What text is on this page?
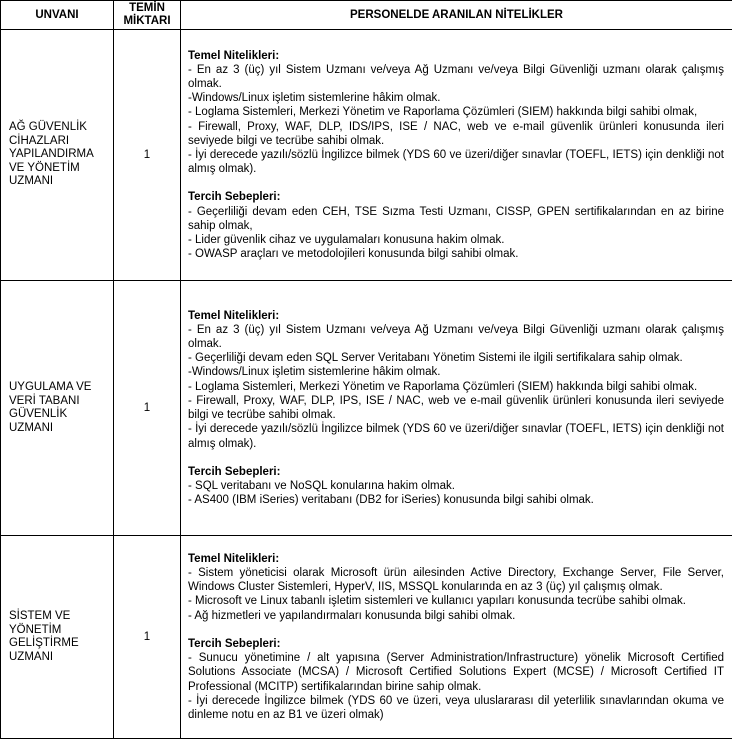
UNVANI	TEMİN MİKTARI	PERSONELDE ARANILAN NİTELİKLER
AĞ GÜVENLİK CİHAZLARI YAPILANDIRMA VE YÖNETİM UZMANI	1	
Temel Nitelikleri:
- En az 3 (üç) yıl Sistem Uzmanı ve/veya Ağ Uzmanı ve/veya Bilgi Güvenliği uzmanı olarak çalışmış olmak.
-Windows/Linux işletim sistemlerine hâkim olmak.
- Loglama Sistemleri, Merkezi Yönetim ve Raporlama Çözümleri (SIEM) hakkında bilgi sahibi olmak,
- Firewall, Proxy, WAF, DLP, IDS/IPS, ISE / NAC, web ve e-mail güvenlik ürünleri konusunda ileri seviyede bilgi ve tecrübe sahibi olmak.
- İyi derecede yazılı/sözlü İngilizce bilmek (YDS 60 ve üzeri/diğer sınavlar (TOEFL, IETS) için denkliği not almış olmak).
Tercih Sebepleri:
- Geçerliliği devam eden CEH, TSE Sızma Testi Uzmanı, CISSP, GPEN sertifikalarından en az birine sahip olmak,
- Lider güvenlik cihaz ve uygulamaları konusuna hakim olmak.
- OWASP araçları ve metodolojileri konusunda bilgi sahibi olmak.

UYGULAMA VE VERİ TABANI GÜVENLİK UZMANI	1	
Temel Nitelikleri:
- En az 3 (üç) yıl Sistem Uzmanı ve/veya Ağ Uzmanı ve/veya Bilgi Güvenliği uzmanı olarak çalışmış olmak.
- Geçerliliği devam eden SQL Server Veritabanı Yönetim Sistemi ile ilgili sertifikalara sahip olmak.
-Windows/Linux işletim sistemlerine hâkim olmak.
- Loglama Sistemleri, Merkezi Yönetim ve Raporlama Çözümleri (SIEM) hakkında bilgi sahibi olmak.
- Firewall, Proxy, WAF, DLP, IPS, ISE / NAC, web ve e-mail güvenlik ürünleri konusunda ileri seviyede bilgi ve tecrübe sahibi olmak.
- İyi derecede yazılı/sözlü İngilizce bilmek (YDS 60 ve üzeri/diğer sınavlar (TOEFL, IETS) için denkliği not almış olmak).
Tercih Sebepleri:
- SQL veritabanı ve NoSQL konularına hakim olmak.
- AS400 (IBM iSeries) veritabanı (DB2 for iSeries) konusunda bilgi sahibi olmak.

SİSTEM VE YÖNETİM GELİŞTİRME UZMANI	1	
Temel Nitelikleri:
- Sistem yöneticisi olarak Microsoft ürün ailesinden Active Directory, Exchange Server, File Server, Windows Cluster Sistemleri, HyperV, IIS, MSSQL konularında en az 3 (üç) yıl çalışmış olmak.
- Microsoft ve Linux tabanlı işletim sistemleri ve kullanıcı yapıları konusunda tecrübe sahibi olmak.
- Ağ hizmetleri ve yapılandırmaları konusunda bilgi sahibi olmak.
Tercih Sebepleri:
- Sunucu yönetimine / alt yapısına (Server Administration/Infrastructure) yönelik Microsoft Certified Solutions Associate (MCSA) / Microsoft Certified Solutions Expert (MCSE) / Microsoft Certified IT Professional (MCITP) sertifikalarından birine sahip olmak.
- İyi derecede İngilizce bilmek (YDS 60 ve üzeri, veya uluslararası dil yeterlilik sınavlarından okuma ve dinleme notu en az B1 ve üzeri olmak)
